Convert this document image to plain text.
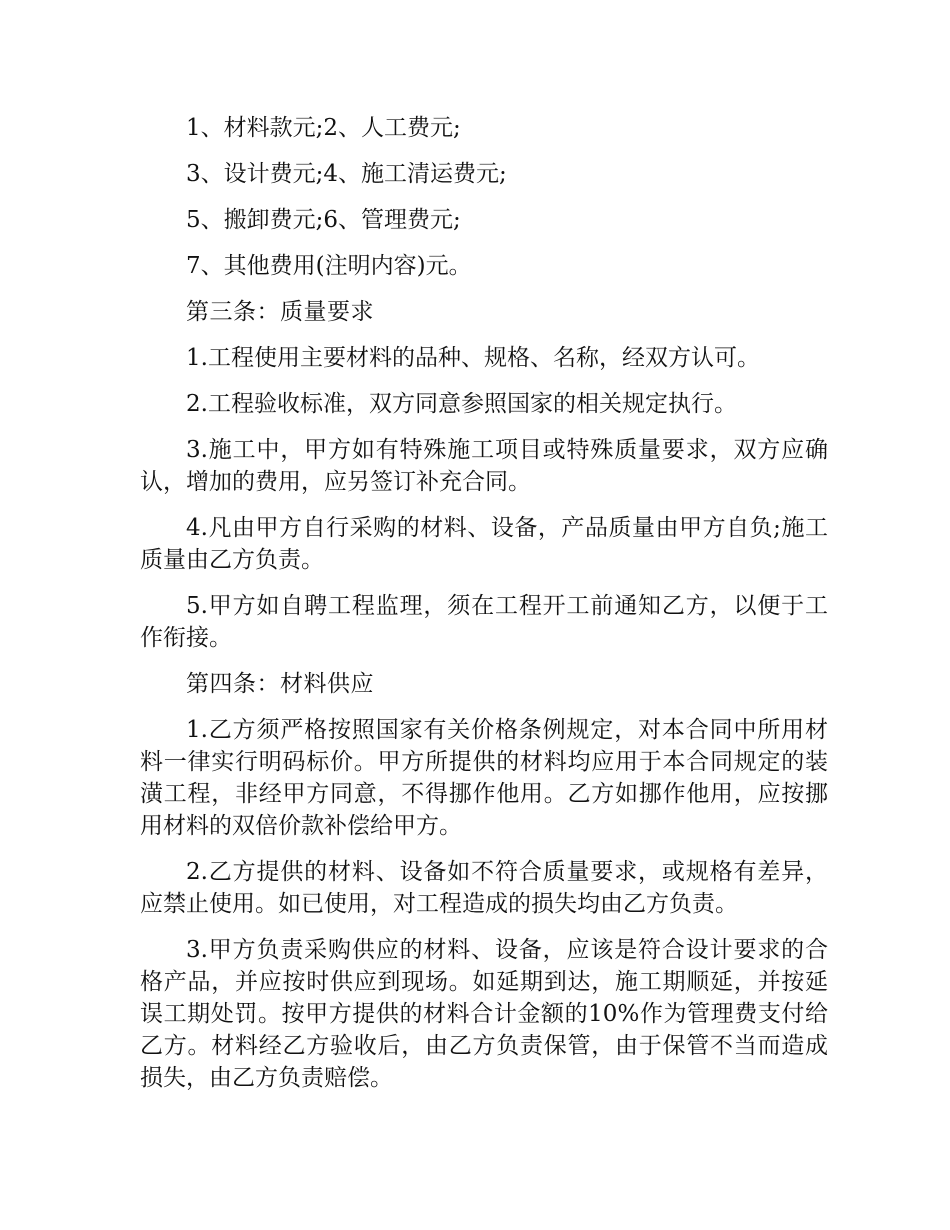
1、材料款元;2、人工费元;

3、设计费元;4、施工清运费元;

5、搬卸费元;6、管理费元;

7、其他费用(注明内容)元。

第三条：质量要求

1.工程使用主要材料的品种、规格、名称，经双方认可。

2.工程验收标准，双方同意参照国家的相关规定执行。

3.施工中，甲方如有特殊施工项目或特殊质量要求，双方应确认，增加的费用，应另签订补充合同。

4.凡由甲方自行采购的材料、设备，产品质量由甲方自负;施工质量由乙方负责。

5.甲方如自聘工程监理，须在工程开工前通知乙方，以便于工作衔接。

第四条：材料供应

1.乙方须严格按照国家有关价格条例规定，对本合同中所用材料一律实行明码标价。甲方所提供的材料均应用于本合同规定的装潢工程，非经甲方同意，不得挪作他用。乙方如挪作他用，应按挪用材料的双倍价款补偿给甲方。

2.乙方提供的材料、设备如不符合质量要求，或规格有差异，应禁止使用。如已使用，对工程造成的损失均由乙方负责。

3.甲方负责采购供应的材料、设备，应该是符合设计要求的合格产品，并应按时供应到现场。如延期到达，施工期顺延，并按延误工期处罚。按甲方提供的材料合计金额的10%作为管理费支付给乙方。材料经乙方验收后，由乙方负责保管，由于保管不当而造成损失，由乙方负责赔偿。
